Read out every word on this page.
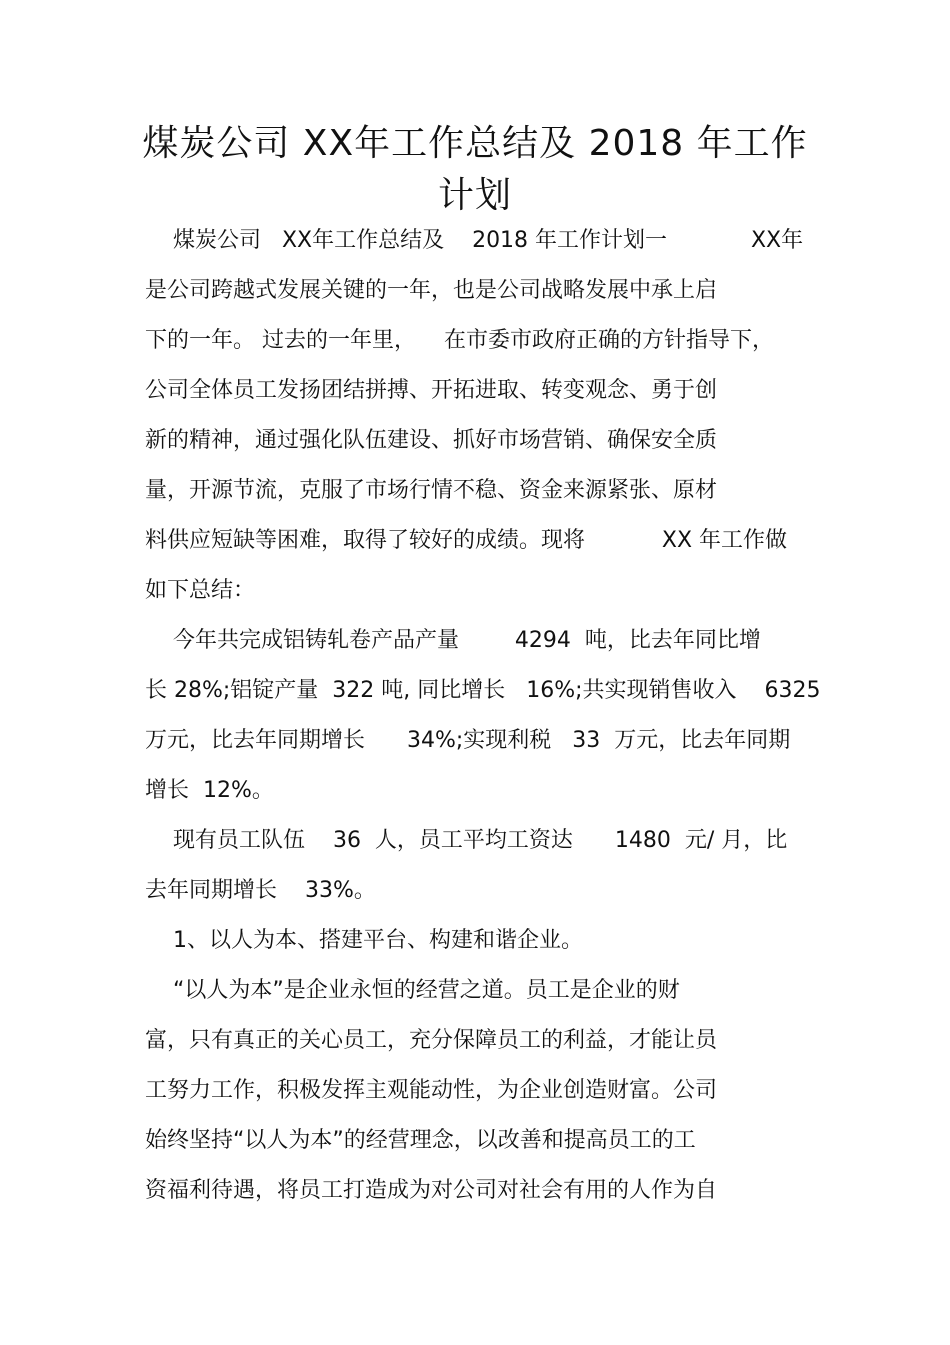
煤炭公司 XX年工作总结及 2018 年工作
计划

煤炭公司   XX年工作总结及    2018 年工作计划一            XX年

是公司跨越式发展关键的一年，也是公司战略发展中承上启

下的一年。 过去的一年里，    在市委市政府正确的方针指导下，

公司全体员工发扬团结拼搏、开拓进取、转变观念、勇于创

新的精神，通过强化队伍建设、抓好市场营销、确保安全质

量，开源节流，克服了市场行情不稳、资金来源紧张、原材

料供应短缺等困难，取得了较好的成绩。现将           XX 年工作做

如下总结：

今年共完成铝铸轧卷产品产量        4294  吨，比去年同比增

长 28%;铝锭产量  322 吨, 同比增长   16%;共实现销售收入    6325

万元，比去年同期增长      34%;实现利税   33  万元，比去年同期

增长  12%。

现有员工队伍    36  人，员工平均工资达      1480  元/ 月，比

去年同期增长    33%。

1、以人为本、搭建平台、构建和谐企业。

“以人为本”是企业永恒的经营之道。员工是企业的财

富，只有真正的关心员工，充分保障员工的利益，才能让员

工努力工作，积极发挥主观能动性，为企业创造财富。公司

始终坚持“以人为本”的经营理念，以改善和提高员工的工

资福利待遇，将员工打造成为对公司对社会有用的人作为自
